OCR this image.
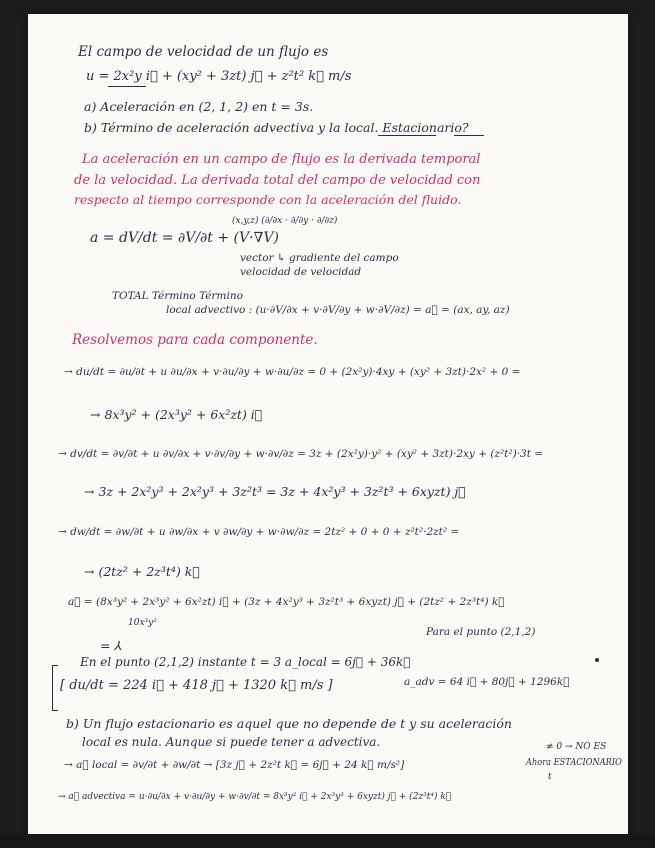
El campo de velocidad de un flujo es
u = 2x²y i⃗ + (xy² + 3zt) j⃗ + z²t² k⃗ m/s
a) Aceleración en (2, 1, 2) en t = 3s.
b) Término de aceleración advectiva y la local. Estacionario?
La aceleración en un campo de flujo es la derivada temporal
de la velocidad. La derivada total del campo de velocidad con
respecto al tiempo corresponde con la aceleración del fluido.
(x,y,z) (∂/∂x · ∂/∂y · ∂/∂z)
a = dV/dt = ∂V/∂t + (V·∇V)
vector ↳ gradiente del campo
velocidad de velocidad
TOTAL Término Término
local advectivo : (u·∂V/∂x + v·∂V/∂y + w·∂V/∂z) = a⃗ = (ax, ay, az)
Resolvemos para cada componente.
→ du/dt = ∂u/∂t + u ∂u/∂x + v·∂u/∂y + w·∂u/∂z = 0 + (2x²y)·4xy + (xy² + 3zt)·2x² + 0 =
→ 8x³y² + (2x³y² + 6x²zt) i⃗
→ dv/dt = ∂v/∂t + u ∂v/∂x + v·∂v/∂y + w·∂v/∂z = 3z + (2x²y)·y² + (xy² + 3zt)·2xy + (z²t²)·3t =
→ 3z + 2x²y³ + 2x²y³ + 3z²t³ = 3z + 4x²y³ + 3z²t³ + 6xyzt) j⃗
→ dw/dt = ∂w/∂t + u ∂w/∂x + v ∂w/∂y + w·∂w/∂z = 2tz² + 0 + 0 + z²t²·2zt² =
→ (2tz² + 2z³t⁴) k⃗
a⃗ = (8x³y² + 2x³y² + 6x²zt) i⃗ + (3z + 4x²y³ + 3z²t³ + 6xyzt) j⃗ + (2tz² + 2z³t⁴) k⃗
10x³y²
Para el punto (2,1,2)
= ⅄
En el punto (2,1,2) instante t = 3 a_local = 6j⃗ + 36k⃗
[ du/dt = 224 i⃗ + 418 j⃗ + 1320 k⃗ m/s ]	a_adv = 64 i⃗ + 80j⃗ + 1296k⃗
b) Un flujo estacionario es aquel que no depende de t y su aceleración
local es nula. Aunque si puede tener a advectiva.	≠ 0 → NO ES
→ a⃗ local = ∂v/∂t + ∂w/∂t → [3z j⃗ + 2z²t k⃗ = 6j⃗ + 24 k⃗ m/s²]	Ahora ESTACIONARIO
t
→ a⃗ advectiva = u·∂u/∂x + v·∂u/∂y + w·∂v/∂t = 8x³y² i⃗ + 2x³y³ + 6xyzt) j⃗ + (2z³t⁴) k⃗
